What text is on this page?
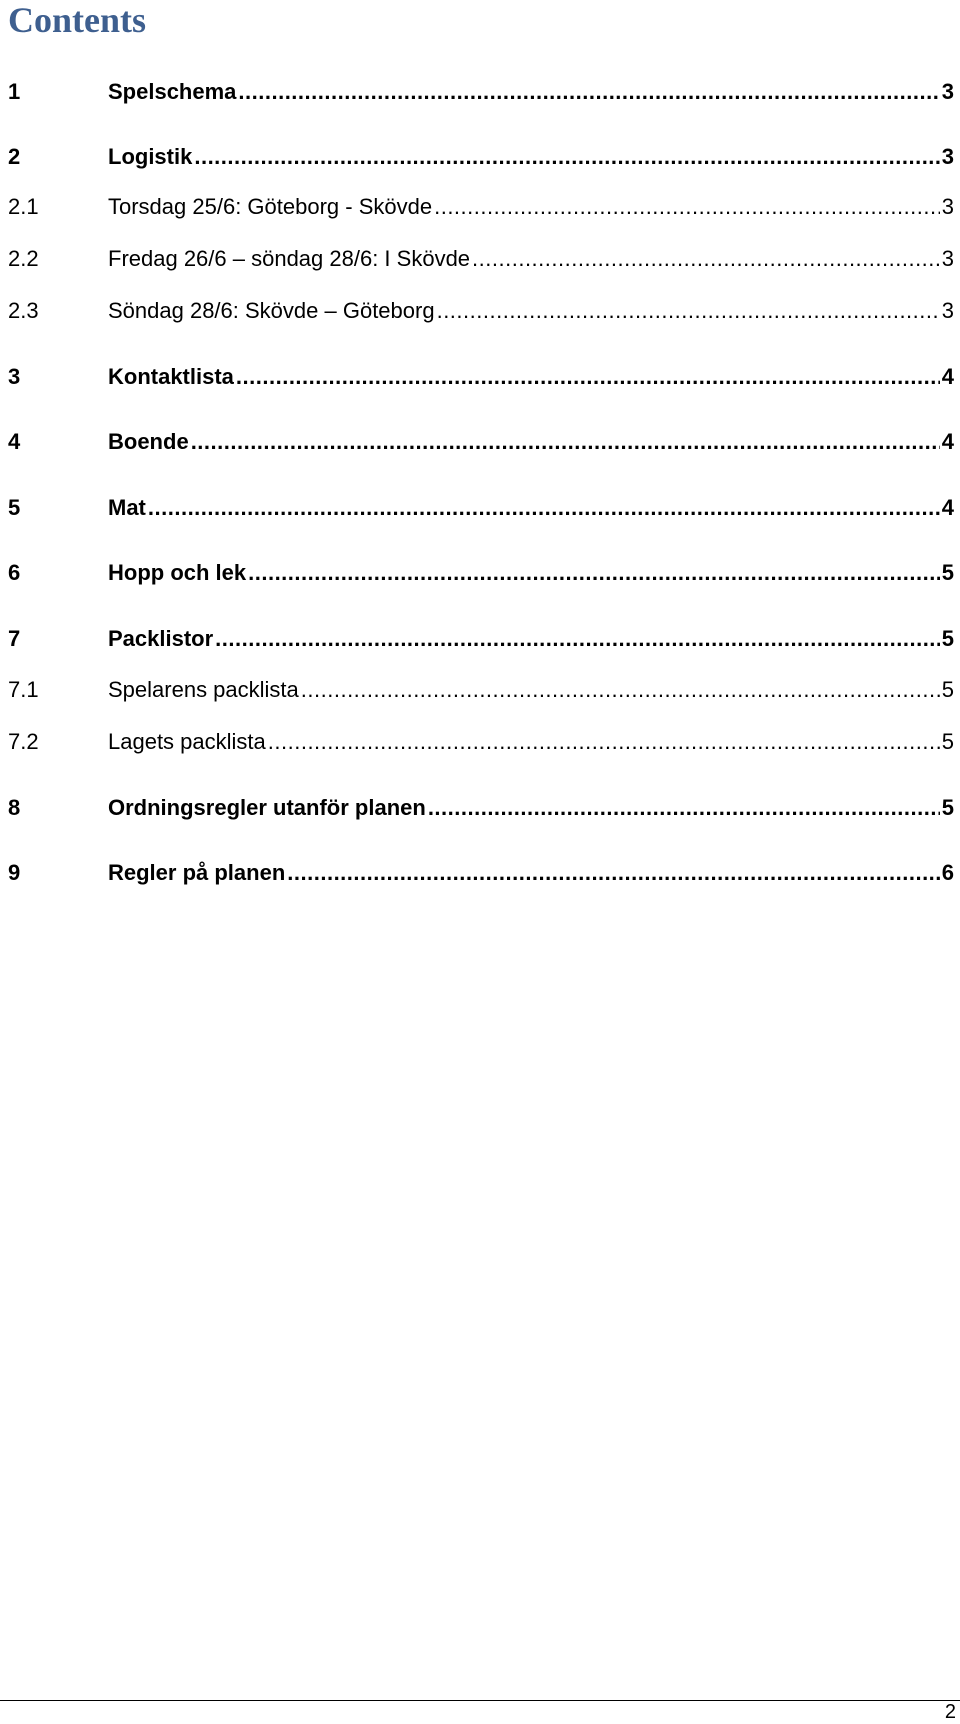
Contents
1	Spelschema .....	3
2	Logistik .....	3
2.1	Torsdag 25/6: Göteborg - Skövde .....	3
2.2	Fredag 26/6 – söndag 28/6: I Skövde .....	3
2.3	Söndag 28/6: Skövde – Göteborg .....	3
3	Kontaktlista .....	4
4	Boende .....	4
5	Mat .....	4
6	Hopp och lek .....	5
7	Packlistor .....	5
7.1	Spelarens packlista .....	5
7.2	Lagets packlista .....	5
8	Ordningsregler utanför planen .....	5
9	Regler på planen .....	6
2
